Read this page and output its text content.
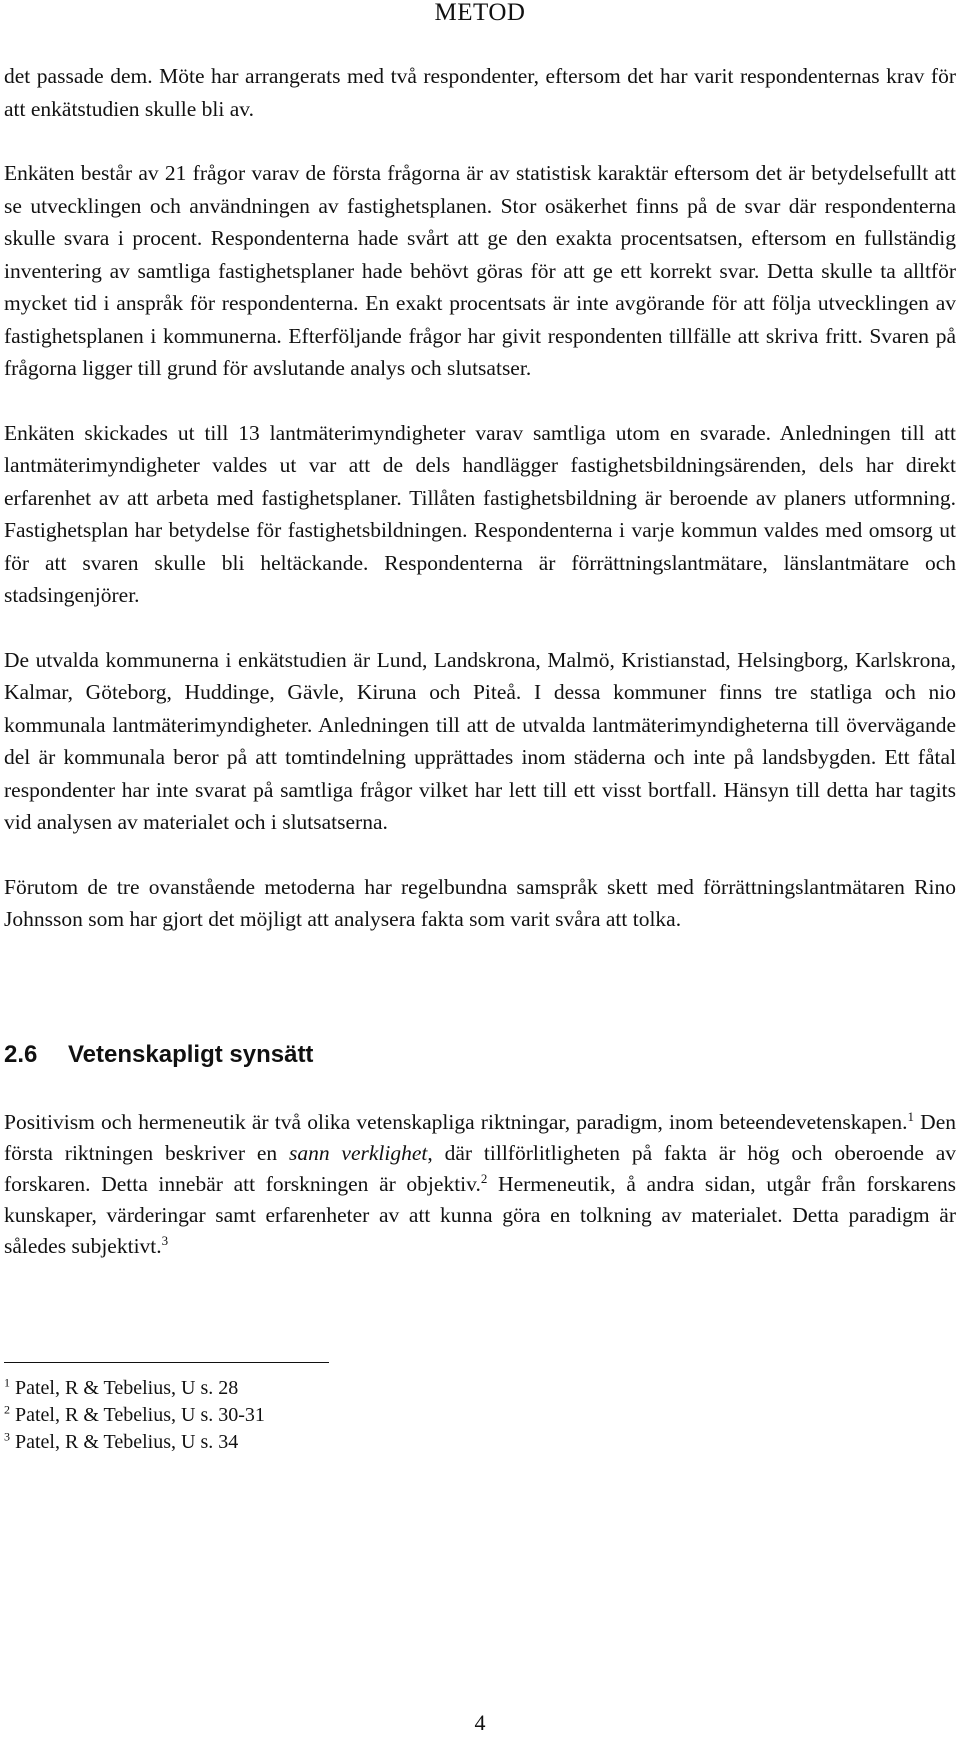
METOD

det passade dem. Möte har arrangerats med två respondenter, eftersom det har varit respondenternas krav för att enkätstudien skulle bli av.

Enkäten består av 21 frågor varav de första frågorna är av statistisk karaktär eftersom det är betydelsefullt att se utvecklingen och användningen av fastighetsplanen. Stor osäkerhet finns på de svar där respondenterna skulle svara i procent. Respondenterna hade svårt att ge den exakta procentsatsen, eftersom en fullständig inventering av samtliga fastighetsplaner hade behövt göras för att ge ett korrekt svar. Detta skulle ta alltför mycket tid i anspråk för respondenterna. En exakt procentsats är inte avgörande för att följa utvecklingen av fastighetsplanen i kommunerna. Efterföljande frågor har givit respondenten tillfälle att skriva fritt. Svaren på frågorna ligger till grund för avslutande analys och slutsatser.

Enkäten skickades ut till 13 lantmäterimyndigheter varav samtliga utom en svarade. Anledningen till att lantmäterimyndigheter valdes ut var att de dels handlägger fastighetsbildningsärenden, dels har direkt erfarenhet av att arbeta med fastighetsplaner. Tillåten fastighetsbildning är beroende av planers utformning. Fastighetsplan har betydelse för fastighetsbildningen. Respondenterna i varje kommun valdes med omsorg ut för att svaren skulle bli heltäckande. Respondenterna är förrättningslantmätare, länslantmätare och stadsingenjörer.

De utvalda kommunerna i enkätstudien är Lund, Landskrona, Malmö, Kristianstad, Helsingborg, Karlskrona, Kalmar, Göteborg, Huddinge, Gävle, Kiruna och Piteå. I dessa kommuner finns tre statliga och nio kommunala lantmäterimyndigheter. Anledningen till att de utvalda lantmäterimyndigheterna till övervägande del är kommunala beror på att tomtindelning upprättades inom städerna och inte på landsbygden. Ett fåtal respondenter har inte svarat på samtliga frågor vilket har lett till ett visst bortfall. Hänsyn till detta har tagits vid analysen av materialet och i slutsatserna.

Förutom de tre ovanstående metoderna har regelbundna samspråk skett med förrättningslantmätaren Rino Johnsson som har gjort det möjligt att analysera fakta som varit svåra att tolka.

2.6 Vetenskapligt synsätt
Positivism och hermeneutik är två olika vetenskapliga riktningar, paradigm, inom beteendevetenskapen.$^1$ Den första riktningen beskriver en sann verklighet, där tillförlitligheten på fakta är hög och oberoende av forskaren. Detta innebär att forskningen är objektiv.$^2$ Hermeneutik, å andra sidan, utgår från forskarens kunskaper, värderingar samt erfarenheter av att kunna göra en tolkning av materialet. Detta paradigm är således subjektivt.$^3$
$^1$ Patel, R & Tebelius, U s. 28
$^2$ Patel, R & Tebelius, U s. 30-31
$^3$ Patel, R & Tebelius, U s. 34
4
